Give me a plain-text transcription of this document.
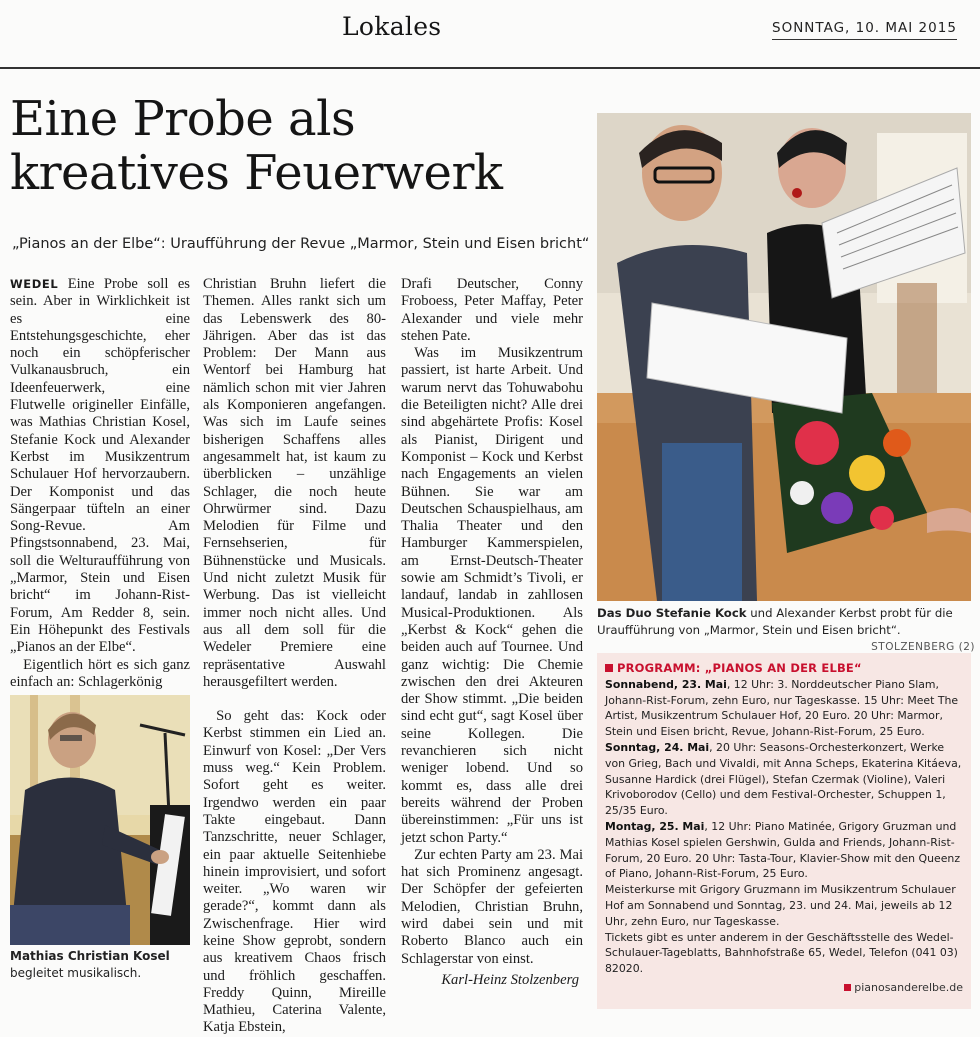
Lokales	SONNTAG, 10. MAI 2015
Eine Probe als
kreatives Feuerwerk
„Pianos an der Elbe“: Uraufführung der Revue „Marmor, Stein und Eisen bricht“

WEDEL Eine Probe soll es sein. Aber in Wirklichkeit ist es eine Entstehungsgeschichte, eher noch ein schöpferischer Vulkanausbruch, ein Ideenfeuerwerk, eine Flutwelle origineller Einfälle, was Mathias Christian Kosel, Stefanie Kock und Alexander Kerbst im Musikzentrum Schulauer Hof hervorzaubern. Der Komponist und das Sängerpaar tüfteln an einer Song-Revue. Am Pfingstsonnabend, 23. Mai, soll die Welturaufführung von „Marmor, Stein und Eisen bricht“ im Johann-Rist-Forum, Am Redder 8, sein. Ein Höhepunkt des Festivals „Pianos an der Elbe“.

Eigentlich hört es sich ganz einfach an: Schlagerkönig

Mathias Christian Kosel begleitet musikalisch.

Christian Bruhn liefert die Themen. Alles rankt sich um das Lebenswerk des 80-Jährigen. Aber das ist das Problem: Der Mann aus Wentorf bei Hamburg hat nämlich schon mit vier Jahren als Komponieren angefangen. Was sich im Laufe seines bisherigen Schaffens alles angesammelt hat, ist kaum zu überblicken – unzählige Schlager, die noch heute Ohrwürmer sind. Dazu Melodien für Filme und Fernsehserien, für Bühnenstücke und Musicals. Und nicht zuletzt Musik für Werbung. Das ist vielleicht immer noch nicht alles. Und aus all dem soll für die Wedeler Premiere eine repräsentative Auswahl herausgefiltert werden.

So geht das: Kock oder Kerbst stimmen ein Lied an. Einwurf von Kosel: „Der Vers muss weg.“ Kein Problem. Sofort geht es weiter. Irgendwo werden ein paar Takte eingebaut. Dann Tanzschritte, neuer Schlager, ein paar aktuelle Seitenhiebe hinein improvisiert, und sofort weiter. „Wo waren wir gerade?“, kommt dann als Zwischenfrage. Hier wird keine Show geprobt, sondern aus kreativem Chaos frisch und fröhlich geschaffen. Freddy Quinn, Mireille Mathieu, Caterina Valente, Katja Ebstein,

Drafi Deutscher, Conny Froboess, Peter Maffay, Peter Alexander und viele mehr stehen Pate.

Was im Musikzentrum passiert, ist harte Arbeit. Und warum nervt das Tohuwabohu die Beteiligten nicht? Alle drei sind abgehärtete Profis: Kosel als Pianist, Dirigent und Komponist – Kock und Kerbst nach Engagements an vielen Bühnen. Sie war am Deutschen Schauspielhaus, am Thalia Theater und den Hamburger Kammerspielen, am Ernst-Deutsch-Theater sowie am Schmidt’s Tivoli, er landauf, landab in zahllosen Musical-Produktionen. Als „Kerbst & Kock“ gehen die beiden auch auf Tournee. Und ganz wichtig: Die Chemie zwischen den drei Akteuren der Show stimmt. „Die beiden sind echt gut“, sagt Kosel über seine Kollegen. Die revanchieren sich nicht weniger lobend. Und so kommt es, dass alle drei bereits während der Proben übereinstimmen: „Für uns ist jetzt schon Party.“

Zur echten Party am 23. Mai hat sich Prominenz angesagt. Der Schöpfer der gefeierten Melodien, Christian Bruhn, wird dabei sein und mit Roberto Blanco auch ein Schlagerstar von einst.

Karl-Heinz Stolzenberg
Das Duo Stefanie Kock und Alexander Kerbst probt für die Uraufführung von „Marmor, Stein und Eisen bricht“.
STOLZENBERG (2)
PROGRAMM: „PIANOS AN DER ELBE“

Sonnabend, 23. Mai, 12 Uhr: 3. Norddeutscher Piano Slam, Johann-Rist-Forum, zehn Euro, nur Tageskasse. 15 Uhr: Meet The Artist, Musikzentrum Schulauer Hof, 20 Euro. 20 Uhr: Marmor, Stein und Eisen bricht, Revue, Johann-Rist-Forum, 25 Euro.

Sonntag, 24. Mai, 20 Uhr: Seasons-Orchesterkonzert, Werke von Grieg, Bach und Vivaldi, mit Anna Scheps, Ekaterina Kitáeva, Susanne Hardick (drei Flügel), Stefan Czermak (Violine), Valeri Krivoborodov (Cello) und dem Festival-Orchester, Schuppen 1, 25/35 Euro.

Montag, 25. Mai, 12 Uhr: Piano Matinée, Grigory Gruzman und Mathias Kosel spielen Gershwin, Gulda and Friends, Johann-Rist-Forum, 20 Euro. 20 Uhr: Tasta-Tour, Klavier-Show mit den Queenz of Piano, Johann-Rist-Forum, 25 Euro.

Meisterkurse mit Grigory Gruzmann im Musikzentrum Schulauer Hof am Sonnabend und Sonntag, 23. und 24. Mai, jeweils ab 12 Uhr, zehn Euro, nur Tageskasse.

Tickets gibt es unter anderem in der Geschäftsstelle des Wedel-Schulauer-Tageblatts, Bahnhofstraße 65, Wedel, Telefon (041 03) 82020.

pianosanderelbe.de
